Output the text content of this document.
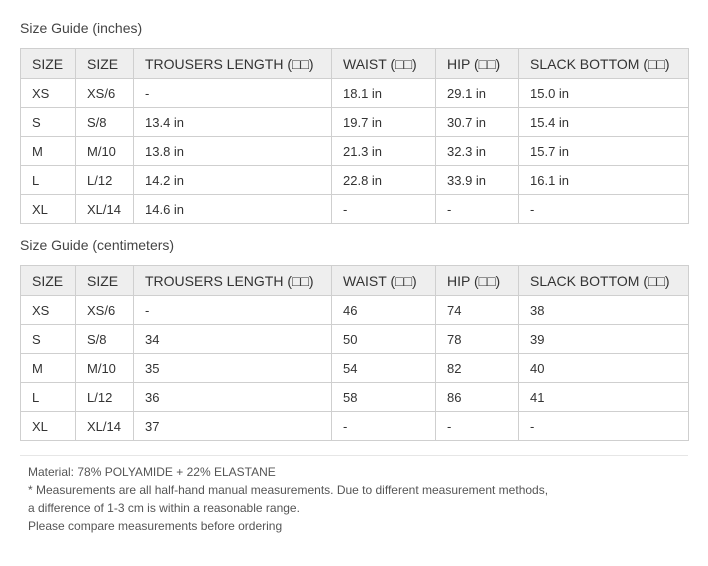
Size Guide (inches)
SIZE	SIZE	TROUSERS LENGTH (□□)	WAIST (□□)	HIP (□□)	SLACK BOTTOM (□□)
XS	XS/6	-	18.1 in	29.1 in	15.0 in
S	S/8	13.4 in	19.7 in	30.7 in	15.4 in
M	M/10	13.8 in	21.3 in	32.3 in	15.7 in
L	L/12	14.2 in	22.8 in	33.9 in	16.1 in
XL	XL/14	14.6 in	-	-	-
Size Guide (centimeters)
SIZE	SIZE	TROUSERS LENGTH (□□)	WAIST (□□)	HIP (□□)	SLACK BOTTOM (□□)
XS	XS/6	-	46	74	38
S	S/8	34	50	78	39
M	M/10	35	54	82	40
L	L/12	36	58	86	41
XL	XL/14	37	-	-	-
Material: 78% POLYAMIDE + 22% ELASTANE
* Measurements are all half-hand manual measurements. Due to different measurement methods,
a difference of 1-3 cm is within a reasonable range.
Please compare measurements before ordering
